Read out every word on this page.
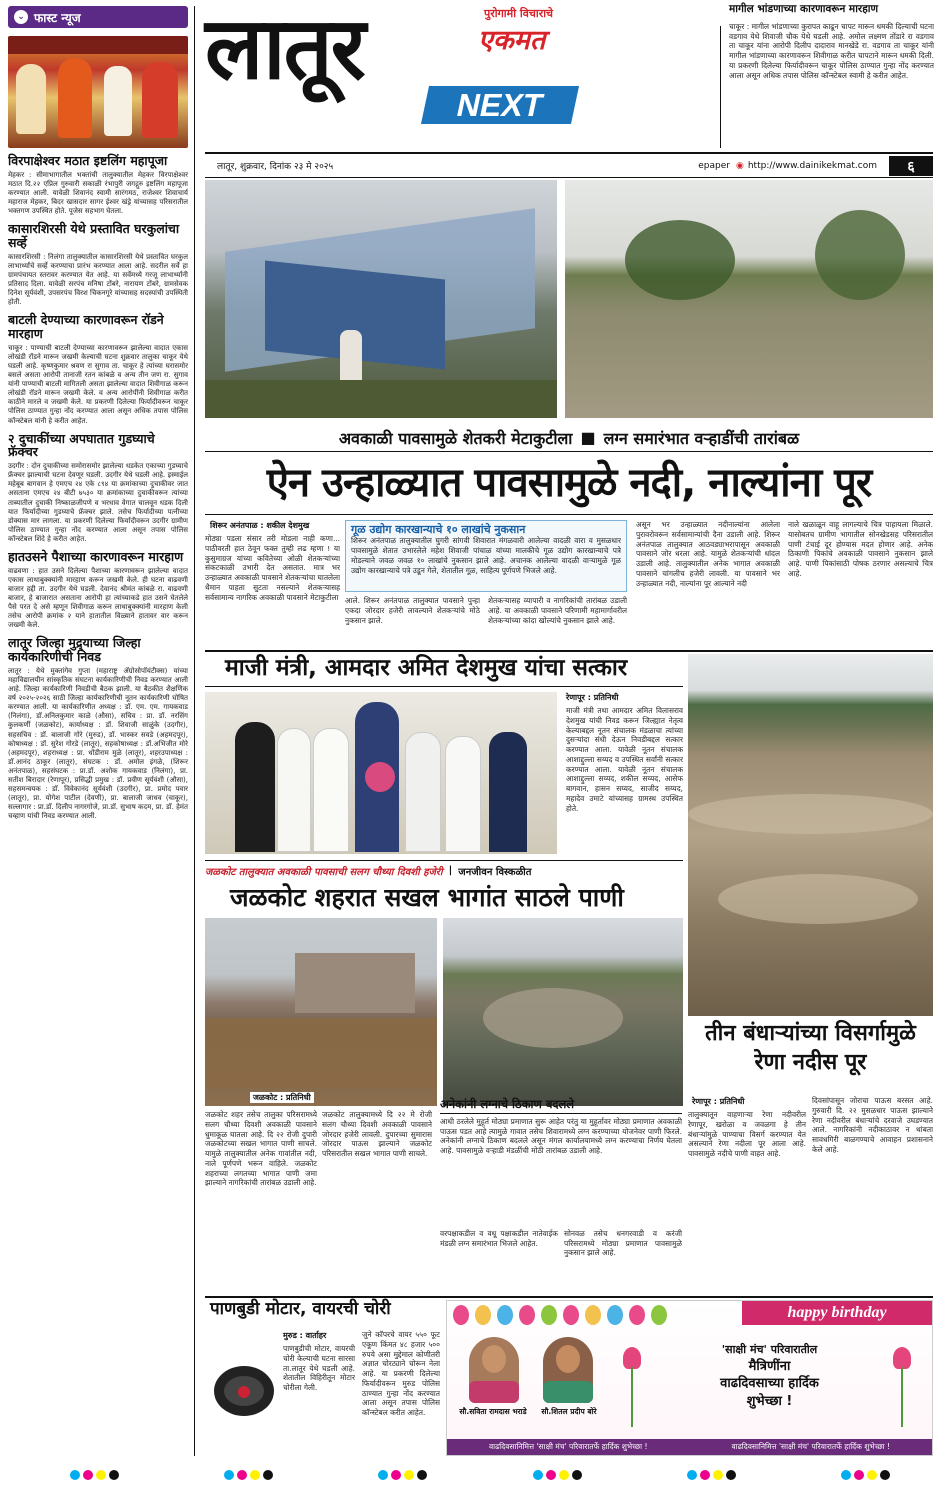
⌄ फास्ट न्यूज
विरपाक्षेश्वर मठात इष्टलिंग महापूजा
मेहकर : सीमाभागातील भक्तांची तालुक्यातील मेहकर विरपाक्षेश्वर मठात दि.२२ एप्रिल गुरुवारी सकाळी रंभापुरी जगद्गुरु इष्टलिंग महापूजा करण्यात आली. यावेळी शिवानंद स्वामी सारंगमठ, राजेश्वर शिवाचार्य महाराज मेहकर, बिदर खासदार सागर ईश्वर खंड्रे यांच्यासह परिसरातील भक्तगण उपस्थित होते. पूजेस सहभाग घेतला.
कासारशिरसी येथे प्रस्तावित घरकुलांचा सर्व्हे
कासारशिरसी : निलंगा तालुक्यातील कासारशिरसी येथे प्रस्तावित घरकुल लाभार्थ्यांचे सर्व्हे करण्याचा प्रारंभ करण्यात आला आहे. सदरील सर्वे हा ग्रामपंचायत स्तरावर करण्यात येत आहे. या सर्वेमध्ये गरजू लाभार्थ्यांनी प्रतिसाद दिला. यावेळी सरपंच मनिषा टोंबरे, नारायण टोंबरे, ग्रामसेवक दिनेश सूर्यवंशी, उपसरपंच विरश चिकनगूरे यांच्यासह सदस्यांची उपस्थिती होती.
बाटली देण्याच्या कारणावरून रॉडने मारहाण
चाकूर : पाण्याची बाटली देण्याच्या कारणावरून झालेल्या वादात एकास लोखंडी रॉडने मारून जखमी केल्याची घटना शुक्रवार तालुका चाकूर येथे घडली आहे. कृष्णकुमार श्रवण रा सुगाव ता. चाकूर हे त्यांच्या घरासमोर बसले असता आरोपी तानाजी रतन कांबळे व अन्य तीन जण रा. सुगाव यांनी पाण्याची बाटली मागितली असता झालेल्या वादात शिवीगाळ करून लोखंडी रॉडने मारून जखमी केले. व अन्य आरोपींनी शिवीगाळ करीत काठीने मारले व जखमी केले. या प्रकरणी दिलेल्या फिर्यादीवरून चाकूर पोलिस ठाण्यात गुन्हा नोंद करण्यात आला असून अधिक तपास पोलिस कॉन्स्टेबल यांनी हे करीत आहेत.
२ दुचाकींच्या अपघातात गुडघ्याचे फ्रॅक्चर
उदगीर : दोन दुचाकीच्या समोरासमोर झालेल्या धडकेत एकाच्या गुडघ्याचे फ्रॅक्चर झाल्याची घटना देवणूर घडली. उदगीर येथे घडली आहे. इस्माईल महेबूब बागवान हे एमएच २४ एके ८९४ या क्रमांकाच्या दुचाकीवर जात असताना एमएच २४ बीटी ७५३० या क्रमांकाच्या दुचाकीवरून त्यांच्या ताब्यातील दुचाकी निष्काळजीपणे व भरधाव वेगात चालवून धडक दिली यात फिर्यादीच्या गुडघ्याचे फ्रॅक्चर झाले. तसेच फिर्यादीच्या पत्नीच्या डोक्यास मार लागला. या प्रकरणी दिलेल्या फिर्यादीवरून उदगीर ग्रामीण पोलिस ठाण्यात गुन्हा नोंद करण्यात आला असून तपास पोलिस कॉन्स्टेबल शिंदे हे करीत आहेत.
हातउसने पैशाच्या कारणावरून मारहाण
वाढवणा : हात उसने दिलेल्या पैशाच्या कारणावरून झालेल्या वादात एकास लाथाबुक्क्यांनी मारहाण करून जखमी केले. ही घटना वाढवणी बाजार हद्दी ता. उदगीर येथे घडली. देवानंद श्रीमंत कांबळे रा. वाढवणी बाजार, हे बाजारात असताना आरोपी हा त्यांच्याकडे हात उसने घेतलेले पैसे परत दे असे म्हणून शिवीगाळ करून लाथाबुक्क्यांनी मारहाण केली तसेच आरोपी क्रमांक २ याने हातातील विळ्याने हातावर वार करून जखमी केले.
लातूर जिल्हा मुद्र्याच्या जिल्हा कार्यकारिणीची निवड
लातूर : येथे मुक्तांगेव गुप्ता (महाराष्ट्र ॲग्रोसोपॉयंटीक्स) यांच्या महाविद्यालयीन सांस्कृतिक संघटना कार्यकारिणीची निवड करण्यात आली आहे. जिल्हा कार्यकारिणी निवडीची बैठक झाली. या बैठकीत शैक्षणिक वर्ष २०२५-२०२६ साठी जिल्हा कार्यकारिणीची नूतन कार्यकारिणी घोषित करण्यात आली. या कार्यकारिणीत अध्यक्ष : डॉ. एम. एम. गायकवाड (निलंगा), डॉ.अनिलकुमार काळे (औसा), सचिव : प्रा. डॉ. नरसिंग कुलकर्णी (जळकोट), कार्याध्यक्ष : डॉ. शिवाजी साळुंके (उदगीर), सहसचिव : डॉ. बालाजी गोरे (मुरुड), डॉ. भास्कर सवडे (अहमदपूर), कोषाध्यक्ष : डॉ. सुरेश गोरडे (लातूर), सहकोषाध्यक्ष : डॉ.अभिजीत मोरे (अहमदपूर), शहराध्यक्ष : प्रा. धोंडीराम मुळे (लातूर), शहरउपाध्यक्ष : डॉ.आनंद ठाकूर (लातूर), संघटक : डॉ. अमोल इंगळे, (शिरूर अनंतपाळ), सहसंघटक : प्रा.डॉ. अशोक गायकवाड (निलंगा), प्रा. सतीश बिरादार (रेणापूर), प्रसिद्धी प्रमुख : डॉ. प्रवीण सूर्यवंशी (औसा), सहसमन्वयक : डॉ. विवेकानंद सूर्यवंशी (उदगीर), प्रा. प्रमोद पवार (लातूर), प्रा. योगेश पाटील (देवणी), प्रा. बालाजी जाधव (चाकूर), सल्लागार : प्रा.डॉ. दिलीप नागरगोजे, प्रा.डॉ. सुभाष कदम, प्रा. डॉ. हेमंत चव्हाण यांची निवड करण्यात आली.
लातूर
NEXT
पुरोगामी विचाराचे
एकमत
मागील भांडणाच्या कारणावरून मारहाण
चाकूर : मागील भांडणाच्या कुरापत काढून चापट मारून धमकी दिल्याची घटना वडगाव येथे शिवाजी चौक येथे घडली आहे. अमोल लक्ष्मण तोंडारे रा वडगाव ता चाकूर यांना आरोपी दिलीप दादाराव मानखेडे रा. वडगाव ता चाकूर यांनी मागील भांडणाच्या कारणावरून शिवीगाळ करीत चापटाने मारून धमकी दिली. या प्रकरणी दिलेल्या फिर्यादीवरून चाकूर पोलिस ठाण्यात गुन्हा नोंद करण्यात आला असून अधिक तपास पोलिस कॉन्स्टेबल स्वामी हे करीत आहेत.
लातूर, शुक्रवार, दिनांक २३ मे २०२५	epaper ◉ http://www.dainikekmat.com	६
अवकाळी पावसामुळे शेतकरी मेटाकुटीला ■ लग्न समारंभात वऱ्हाडींची तारांबळ
ऐन उन्हाळ्यात पावसामुळे नदी, नाल्यांना पूर
शिरूर अनंतपाळ : शकील देशमुख
मोठ्या पडला संसार तरी मोडला नाही कणा... पाठीवरती हात ठेवून फक्त तुम्ही लढ म्हणा ! या कुसुमाग्रज यांच्या कवितेच्या ओळी शेतकऱ्यांच्या संकटकाळी उभारी देत असतात. मात्र भर उन्हाळ्यात अवकाळी पावसाने शेतकऱ्यांचा घातलेला थैमान पाहता सुटता नसल्याने शेतकऱ्यासह सर्वसामान्य नागरिक अवकाळी पावसाने मेटाकुटीला
गूळ उद्योग कारखान्याचे १० लाखांचे नुकसान
शिरूर अनंतपाळ तालुक्यातील घुगरी सांगवी शिवारात मंगळवारी आलेल्या वादळी वारा व मुसळधार पावसामुळे शेतात उभारलेले महेश शिवाजी पांचाळ यांच्या मालकीचे गूळ उद्योग कारखान्याचे पत्रे मोडल्याने जवळ जवळ १० लाखांचे नुकसान झाले आहे. अचानक आलेल्या वादळी वाऱ्यामुळे गूळ उद्योग कारखान्याचे पत्रे उडून गेले, शेतातील गूळ, साहित्य पूर्णपणे भिजले आहे.
आले. शिरूर अनंतपाळ तालुक्यात पावसाने पुन्हा एकदा जोरदार हजेरी लावल्याने शेतकऱ्यांचे मोठे नुकसान झाले.
शेतकऱ्यासह व्यापारी व नागरिकांची तारांबळ उडाली आहे. या अवकाळी पावसाने परिणामी महामार्गावरील शेतकऱ्यांच्या कांदा खोल्यांचे नुकसान झाले आहे.
असून भर उन्हाळ्यात नदीनाल्यांना आलेला पुरावरोवरून सर्वसामान्यांची दैना उडाली आहे. शिरूर अनंतपाळ तालुक्यात आठवड्याभरापासून अवकाळी पावसाने जोर धरला आहे. यामुळे शेतकऱ्यांची धांदल उडाली आहे. तालुक्यातील अनेक भागात अवकाळी पावसाने चांगलीच हजेरी लावली. या पावसाने भर उन्हाळ्यात नदी, नाल्यांना पूर आल्याने नदी
नाले खळाळून वाहू लागल्याचे चित्र पाहायला मिळाले. यासोबतच ग्रामीण भागातील सोनखेडसह परिसरातील पाणी टंचाई दूर होण्यास मदत होणार आहे. अनेक ठिकाणी पिकांचे अवकाळी पावसाने नुकसान झाले आहे. पाणी पिकांसाठी पोषक ठरणार असल्याचे चित्र आहे.
माजी मंत्री, आमदार अमित देशमुख यांचा सत्कार
रेणापूर : प्रतिनिधी
माजी मंत्री तथा आमदार अमित विलासराव देशमुख यांची निवड करून जिल्ह्यात नेतृत्व केल्याबद्दल नूतन संचालक मंडळाचा त्यांच्या दुसऱ्यांदा संधी देऊन निवडीबद्दल सत्कार करण्यात आला. यावेळी नूतन संचालक आशाद्दुल्ला सय्यद व उपस्थित सर्वांनी सत्कार करण्यात आला. यावेळी नूतन संचालक आशाद्दुल्ला सय्यद, शकील सय्यद, आसेफ बागवान, हासन सय्यद, साजीद सय्यद, महादेव उमाटे यांच्यासह ग्रामस्थ उपस्थित होते.
जळकोट तालुक्यात अवकाळी पावसाची सलग चौथ्या दिवशी हजेरी | जनजीवन विस्कळीत
जळकोट शहरात सखल भागांत साठले पाणी
जळकोट : प्रतिनिधी
तीन बंधाऱ्यांच्या विसर्गामुळे रेणा नदीस पूर
जळकोट शहर तसेच तालुका परिसरामध्ये सलग चौथ्या दिवशी अवकाळी पावसाने धुमाकूळ घातला आहे. दि २२ रोजी दुपारी जळकोटच्या सखल भागात पाणी साचले. यामुळे तालुक्यातील अनेक गावांतील नदी, नाले पूर्णपणे भरून वाहिले. जळकोट शहराच्या लगतच्या भागात पाणी जमा झाल्याने नागरिकांची तारांबळ उडाली आहे.
जळकोट तालुक्यामध्ये दि २२ मे रोजी सलग चौथ्या दिवशी अवकाळी पावसाने जोरदार हजेरी लावली. दुपारच्या सुमारास जोरदार पाऊस झाल्याने जळकोट परिसरातील सखल भागात पाणी साचले.
अनेकांनी लग्नाचे ठिकाण बदलले
आधी ठरलेले मुहूर्त मोठ्या प्रमाणात सुरू आहेत परंतु या मुहूर्तावर मोठ्या प्रमाणात अवकाळी पाऊस पडत आहे त्यामुळे गावात तसेच शिवारामध्ये लग्न करण्याच्या योजनेवर पाणी फिरले. अनेकांनी लग्नाचे ठिकाण बदलले असून मंगल कार्यालयामध्ये लग्न करण्याचा निर्णय घेतला आहे. पावसामुळे वऱ्हाडी मंडळींची मोठी तारांबळ उडाली आहे.
वरपक्षाकडील व वधू पक्षाकडील नातेवाईक मंडळी लग्न समारंभात भिजले आहेत.
सोनवळ तसेच धनगरवाडी व करंजी परिसरामध्ये मोठ्या प्रमाणात पावसामुळे नुकसान झाले आहे.
रेणापूर : प्रतिनिधी
तालुक्यातून वाहणाऱ्या रेणा नदीवरील रेणापूर, खरोळा व जवळगा हे तीन बंधाऱ्यांमुळे पाण्याचा विसर्ग करण्यात येत असल्याने रेणा नदीला पूर आला आहे. पावसामुळे नदीचे पाणी वाहत आहे.
दिवसांपासून जोराचा पाऊस बरसत आहे. गुरुवारी दि. २२ मुसळधार पाऊस झाल्याने रेणा नदीवरील बंधाऱ्यांचे दरवाजे उघडण्यात आले. नागरिकांनी नदीकाठावर न थांबता सावधगिरी बाळगण्याचे आवाहन प्रशासनाने केले आहे.
पाणबुडी मोटार, वायरची चोरी
मुरुड : वार्ताहर
पाणबुडीची मोटार, वायरची चोरी केल्याची घटना सारसा ता.लातूर येथे घडली आहे. शेतातील विहिरीतून मोटार चोरीला गेली.
जुने कॉपरचे वायर ५५० फूट एकूण किंमत ४८ हजार ५०० रुपये असा मुद्देमाल कोणीतरी अज्ञात चोरट्याने चोरून नेला आहे. या प्रकरणी दिलेल्या फिर्यादीवरून मुरुड पोलिस ठाण्यात गुन्हा नोंद करण्यात आला असून तपास पोलिस कॉन्स्टेबल करीत आहेत.
happy birthday
सौ.सविता रामदास भराडे	सौ.शितल प्रदीप बोरे
'साक्षी मंच' परिवारातील
मैत्रिणींना
वाढदिवसाच्या हार्दिक
शुभेच्छा !
वाढदिवसानिमित्त 'साक्षी मंच' परिवारातर्फे हार्दिक शुभेच्छा !	वाढदिवसानिमित्त 'साक्षी मंच' परिवारातर्फे हार्दिक शुभेच्छा !
